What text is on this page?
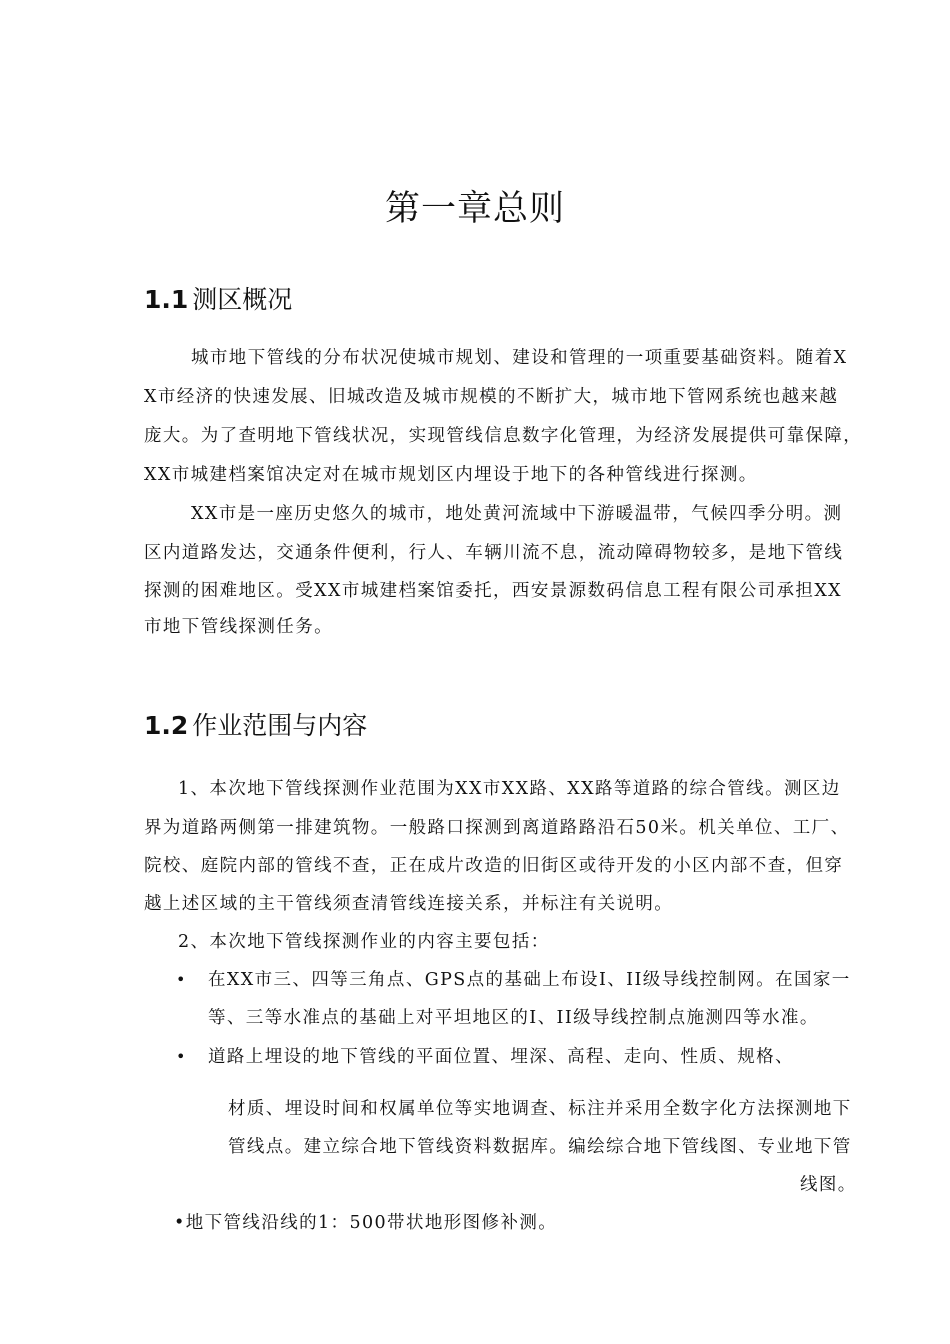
第一章总则
1.1 测区概况
城市地下管线的分布状况使城市规划、建设和管理的一项重要基础资料。随着X
X市经济的快速发展、旧城改造及城市规模的不断扩大，城市地下管网系统也越来越
庞大。为了查明地下管线状况，实现管线信息数字化管理，为经济发展提供可靠保障，
XX市城建档案馆决定对在城市规划区内埋设于地下的各种管线进行探测。
XX市是一座历史悠久的城市，地处黄河流域中下游暖温带，气候四季分明。测
区内道路发达，交通条件便利，行人、车辆川流不息，流动障碍物较多，是地下管线
探测的困难地区。受XX市城建档案馆委托，西安景源数码信息工程有限公司承担XX
市地下管线探测任务。
1.2 作业范围与内容
1、本次地下管线探测作业范围为XX市XX路、XX路等道路的综合管线。测区边
界为道路两侧第一排建筑物。一般路口探测到离道路路沿石50米。机关单位、工厂、
院校、庭院内部的管线不查，正在成片改造的旧街区或待开发的小区内部不查，但穿
越上述区域的主干管线须查清管线连接关系，并标注有关说明。
2、本次地下管线探测作业的内容主要包括：
• 在XX市三、四等三角点、GPS点的基础上布设I、II级导线控制网。在国家一
等、三等水准点的基础上对平坦地区的I、II级导线控制点施测四等水准。
• 道路上埋设的地下管线的平面位置、埋深、高程、走向、性质、规格、
材质、埋设时间和权属单位等实地调查、标注并采用全数字化方法探测地下
管线点。建立综合地下管线资料数据库。编绘综合地下管线图、专业地下管
线图。
•地下管线沿线的1：500带状地形图修补测。
